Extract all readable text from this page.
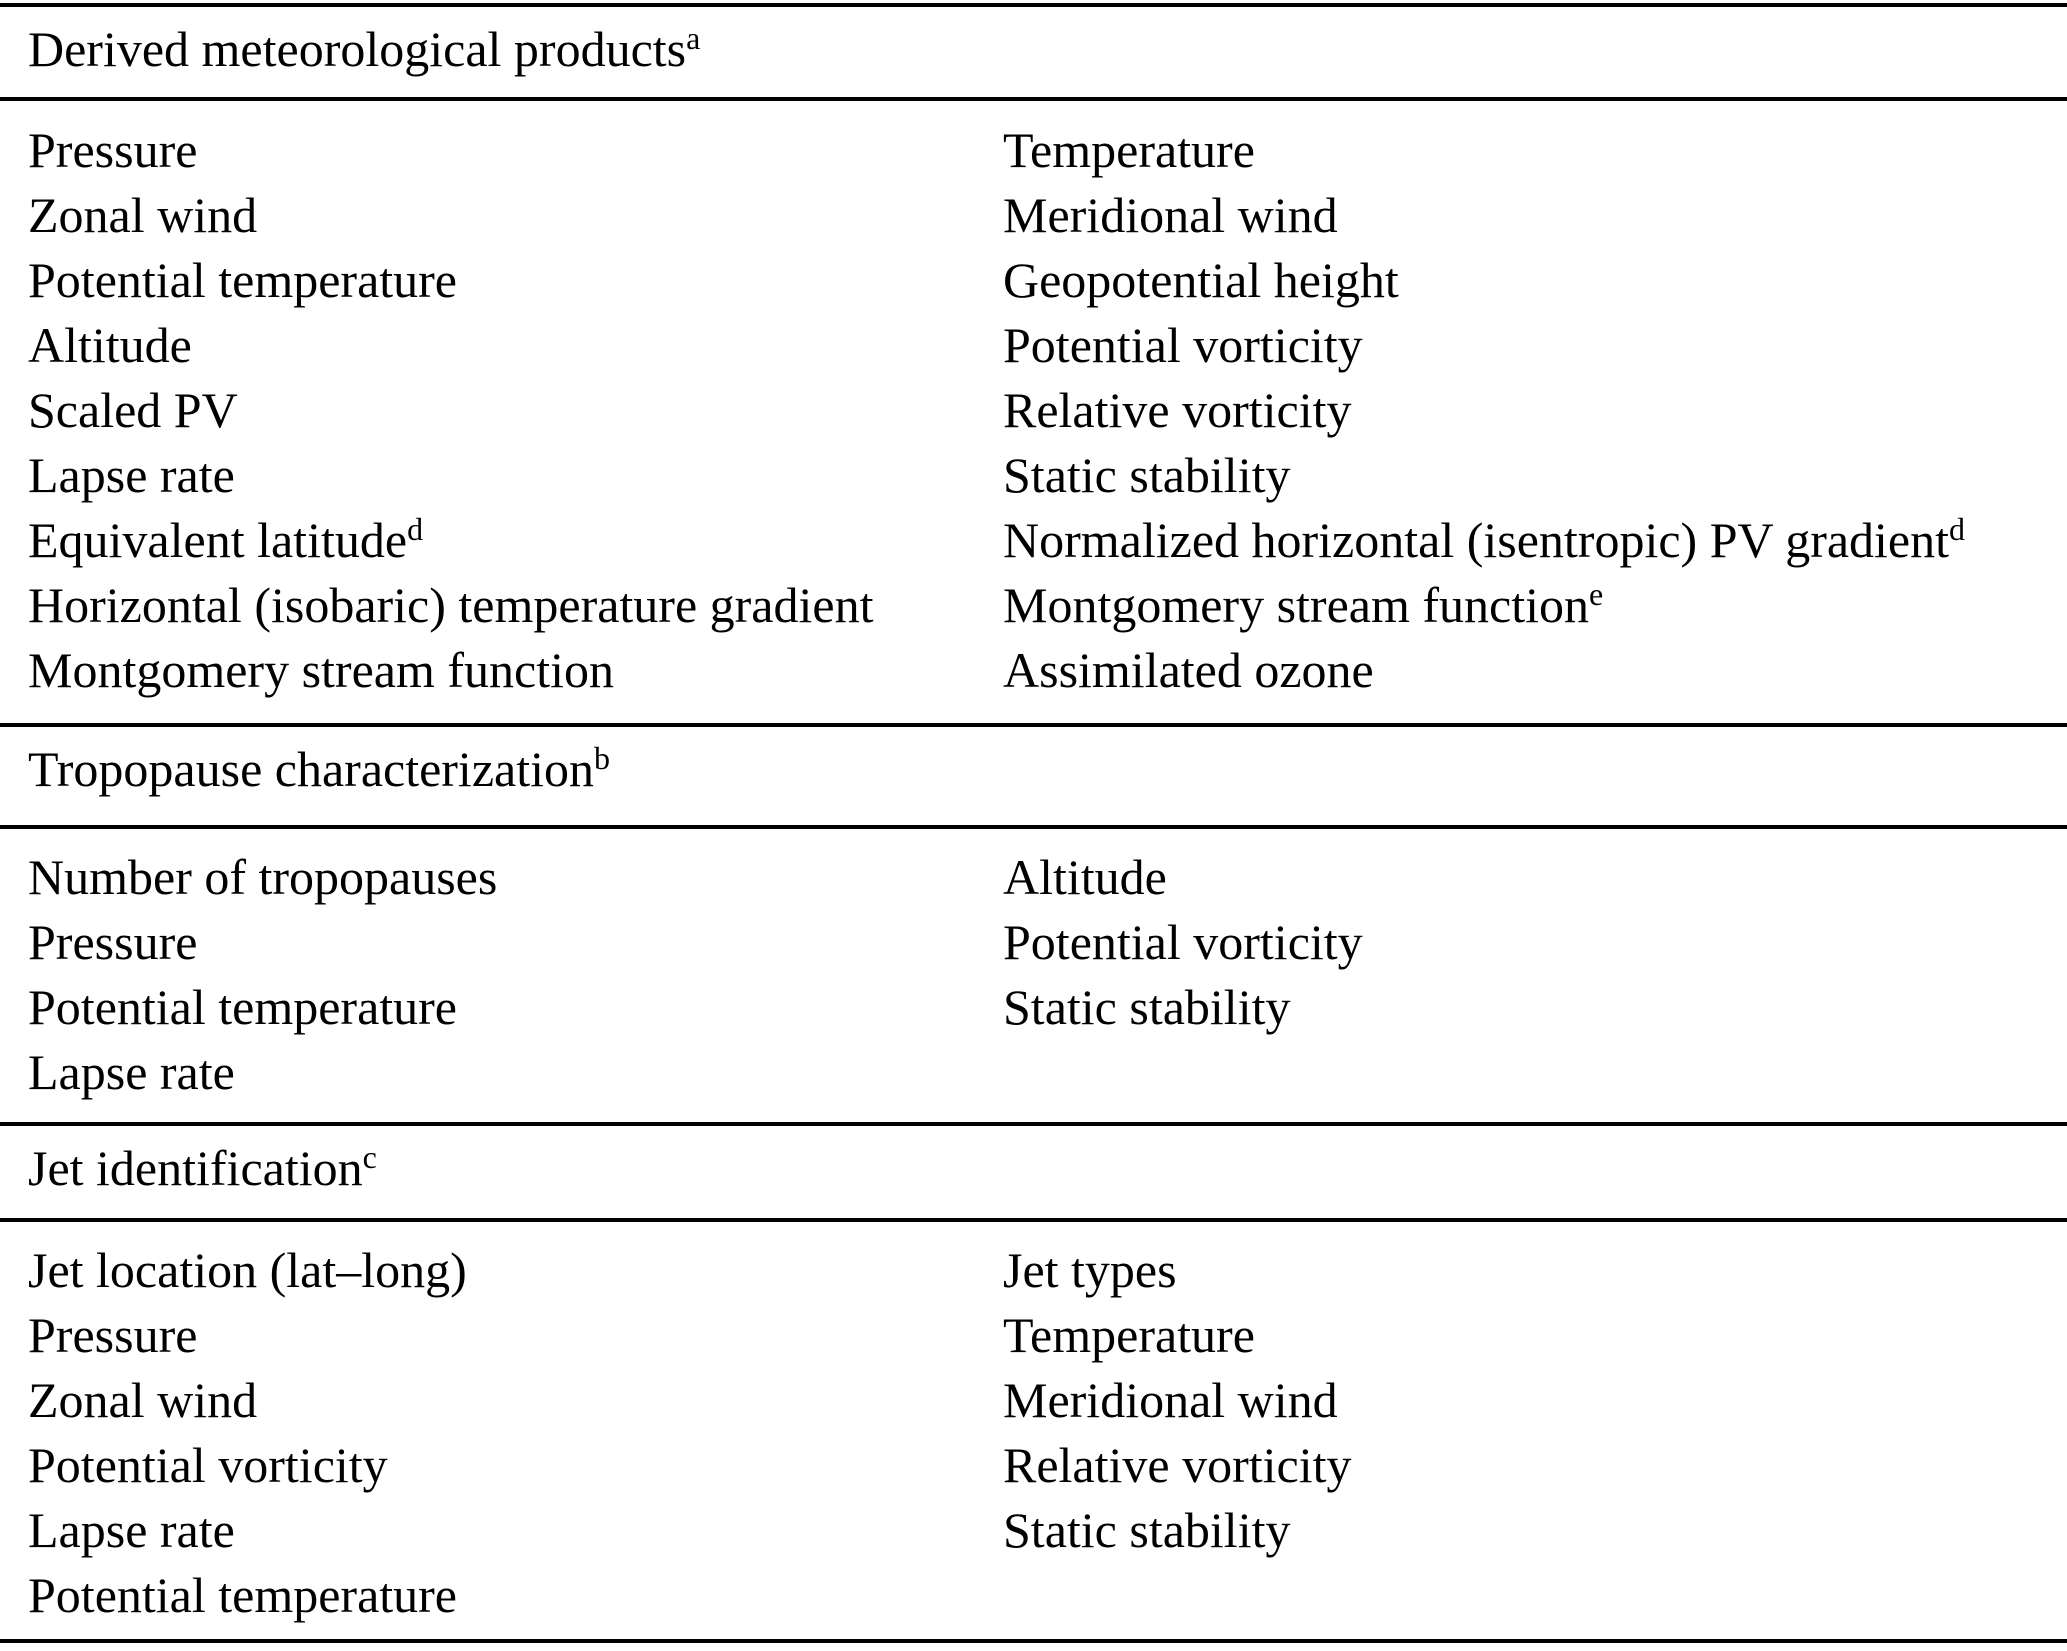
Derived meteorological products$^a$
Pressure	Temperature
Zonal wind	Meridional wind
Potential temperature	Geopotential height
Altitude	Potential vorticity
Scaled PV	Relative vorticity
Lapse rate	Static stability
Equivalent latitude$^d$	Normalized horizontal (isentropic) PV gradient$^d$
Horizontal (isobaric) temperature gradient	Montgomery stream function$^e$
Montgomery stream function	Assimilated ozone
Tropopause characterization$^b$
Number of tropopauses	Altitude
Pressure	Potential vorticity
Potential temperature	Static stability
Lapse rate
Jet identification$^c$
Jet location (lat–long)	Jet types
Pressure	Temperature
Zonal wind	Meridional wind
Potential vorticity	Relative vorticity
Lapse rate	Static stability
Potential temperature
